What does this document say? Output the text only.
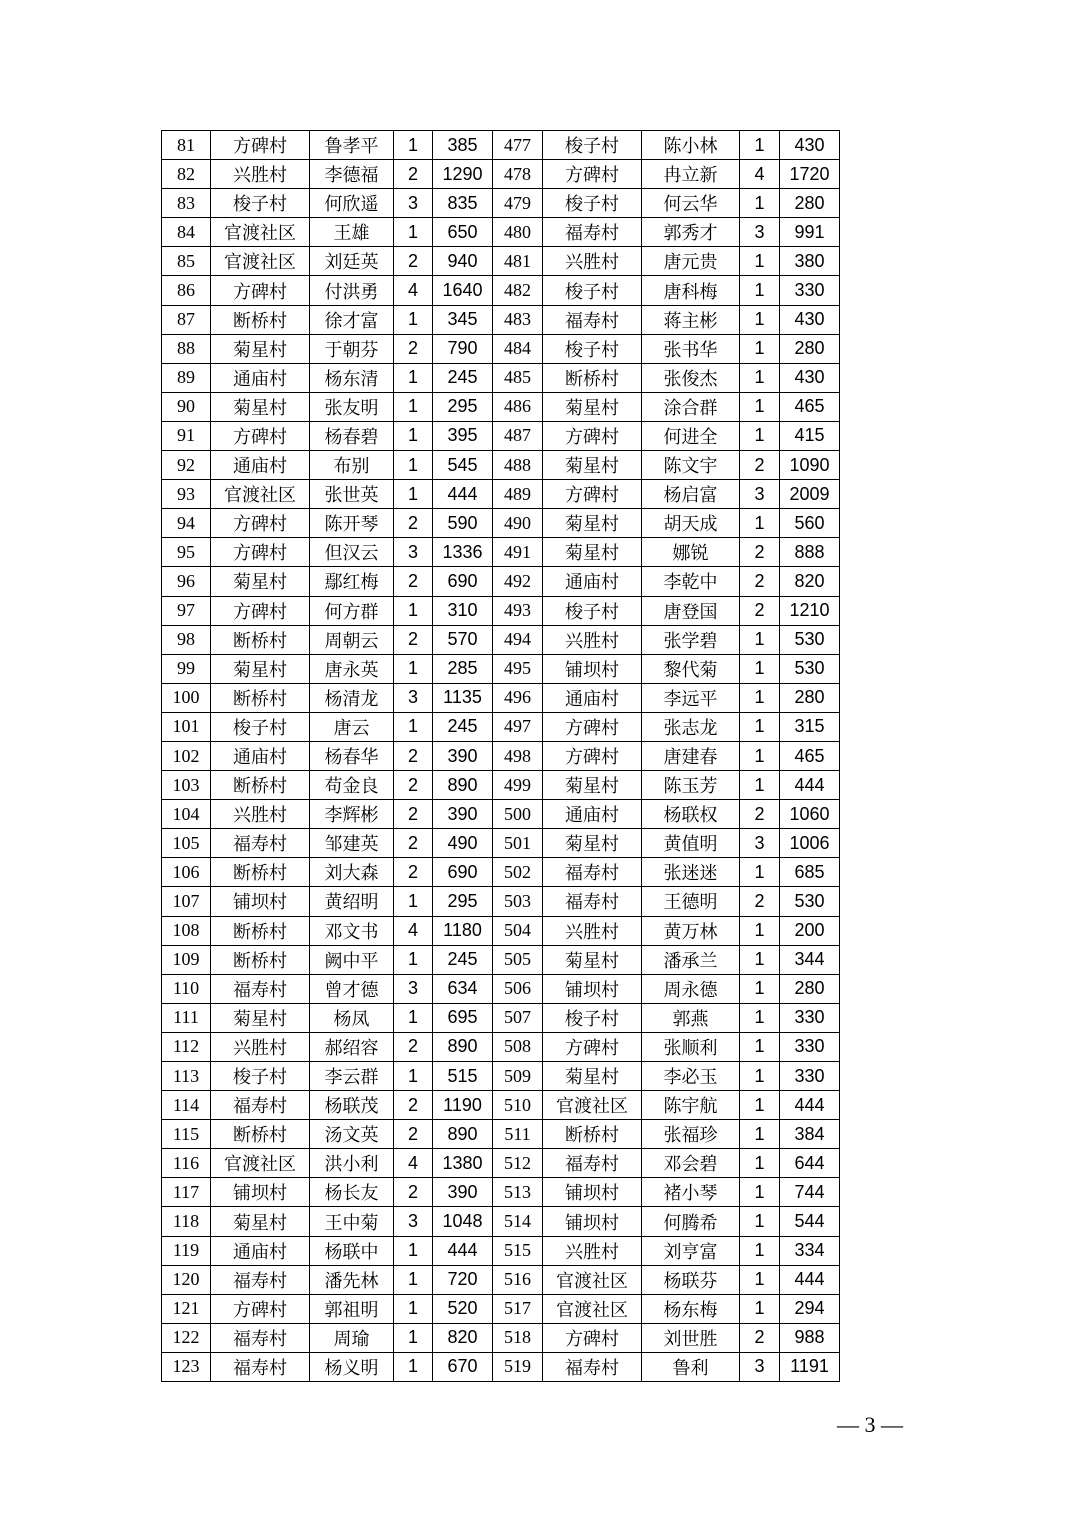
81	方碑村	鲁孝平	1	385	477	梭子村	陈小林	1	430
82	兴胜村	李德福	2	1290	478	方碑村	冉立新	4	1720
83	梭子村	何欣遥	3	835	479	梭子村	何云华	1	280
84	官渡社区	王雄	1	650	480	福寿村	郭秀才	3	991
85	官渡社区	刘廷英	2	940	481	兴胜村	唐元贵	1	380
86	方碑村	付洪勇	4	1640	482	梭子村	唐科梅	1	330
87	断桥村	徐才富	1	345	483	福寿村	蒋主彬	1	430
88	菊星村	于朝芬	2	790	484	梭子村	张书华	1	280
89	通庙村	杨东清	1	245	485	断桥村	张俊杰	1	430
90	菊星村	张友明	1	295	486	菊星村	涂合群	1	465
91	方碑村	杨春碧	1	395	487	方碑村	何进全	1	415
92	通庙村	布别	1	545	488	菊星村	陈文宇	2	1090
93	官渡社区	张世英	1	444	489	方碑村	杨启富	3	2009
94	方碑村	陈开琴	2	590	490	菊星村	胡天成	1	560
95	方碑村	但汉云	3	1336	491	菊星村	娜锐	2	888
96	菊星村	鄢红梅	2	690	492	通庙村	李乾中	2	820
97	方碑村	何方群	1	310	493	梭子村	唐登国	2	1210
98	断桥村	周朝云	2	570	494	兴胜村	张学碧	1	530
99	菊星村	唐永英	1	285	495	铺坝村	黎代菊	1	530
100	断桥村	杨清龙	3	1135	496	通庙村	李远平	1	280
101	梭子村	唐云	1	245	497	方碑村	张志龙	1	315
102	通庙村	杨春华	2	390	498	方碑村	唐建春	1	465
103	断桥村	苟金良	2	890	499	菊星村	陈玉芳	1	444
104	兴胜村	李辉彬	2	390	500	通庙村	杨联权	2	1060
105	福寿村	邹建英	2	490	501	菊星村	黄值明	3	1006
106	断桥村	刘大森	2	690	502	福寿村	张迷迷	1	685
107	铺坝村	黄绍明	1	295	503	福寿村	王德明	2	530
108	断桥村	邓文书	4	1180	504	兴胜村	黄万林	1	200
109	断桥村	阙中平	1	245	505	菊星村	潘承兰	1	344
110	福寿村	曾才德	3	634	506	铺坝村	周永德	1	280
111	菊星村	杨凤	1	695	507	梭子村	郭燕	1	330
112	兴胜村	郝绍容	2	890	508	方碑村	张顺利	1	330
113	梭子村	李云群	1	515	509	菊星村	李必玉	1	330
114	福寿村	杨联茂	2	1190	510	官渡社区	陈宇航	1	444
115	断桥村	汤文英	2	890	511	断桥村	张福珍	1	384
116	官渡社区	洪小利	4	1380	512	福寿村	邓会碧	1	644
117	铺坝村	杨长友	2	390	513	铺坝村	褚小琴	1	744
118	菊星村	王中菊	3	1048	514	铺坝村	何腾希	1	544
119	通庙村	杨联中	1	444	515	兴胜村	刘亨富	1	334
120	福寿村	潘先林	1	720	516	官渡社区	杨联芬	1	444
121	方碑村	郭祖明	1	520	517	官渡社区	杨东梅	1	294
122	福寿村	周瑜	1	820	518	方碑村	刘世胜	2	988
123	福寿村	杨义明	1	670	519	福寿村	鲁利	3	1191
— 3 —
